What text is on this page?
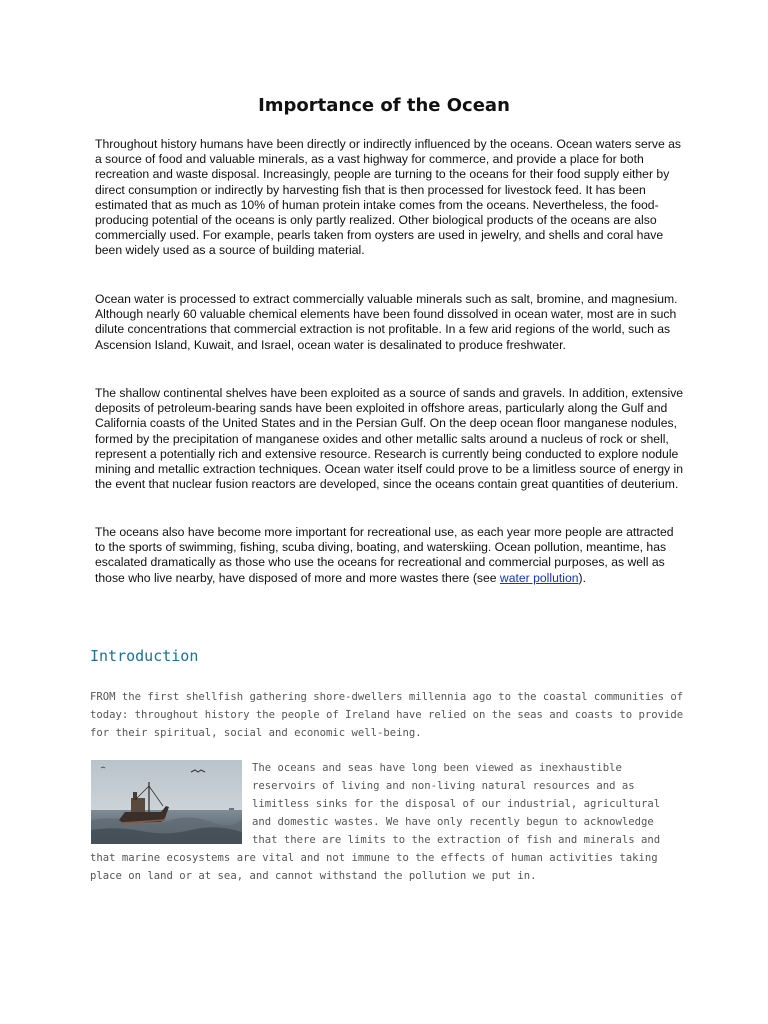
Importance of the Ocean

Throughout history humans have been directly or indirectly influenced by the oceans. Ocean waters serve as a source of food and valuable minerals, as a vast highway for commerce, and provide a place for both recreation and waste disposal. Increasingly, people are turning to the oceans for their food supply either by direct consumption or indirectly by harvesting fish that is then processed for livestock feed. It has been estimated that as much as 10% of human protein intake comes from the oceans. Nevertheless, the food-producing potential of the oceans is only partly realized. Other biological products of the oceans are also commercially used. For example, pearls taken from oysters are used in jewelry, and shells and coral have been widely used as a source of building material.

Ocean water is processed to extract commercially valuable minerals such as salt, bromine, and magnesium. Although nearly 60 valuable chemical elements have been found dissolved in ocean water, most are in such dilute concentrations that commercial extraction is not profitable. In a few arid regions of the world, such as Ascension Island, Kuwait, and Israel, ocean water is desalinated to produce freshwater.

The shallow continental shelves have been exploited as a source of sands and gravels. In addition, extensive deposits of petroleum-bearing sands have been exploited in offshore areas, particularly along the Gulf and California coasts of the United States and in the Persian Gulf. On the deep ocean floor manganese nodules, formed by the precipitation of manganese oxides and other metallic salts around a nucleus of rock or shell, represent a potentially rich and extensive resource. Research is currently being conducted to explore nodule mining and metallic extraction techniques. Ocean water itself could prove to be a limitless source of energy in the event that nuclear fusion reactors are developed, since the oceans contain great quantities of deuterium.

The oceans also have become more important for recreational use, as each year more people are attracted to the sports of swimming, fishing, scuba diving, boating, and waterskiing. Ocean pollution, meantime, has escalated dramatically as those who use the oceans for recreational and commercial purposes, as well as those who live nearby, have disposed of more and more wastes there (see water pollution).

Introduction

FROM the first shellfish gathering shore-dwellers millennia ago to the coastal communities of today: throughout history the people of Ireland have relied on the seas and coasts to provide for their spiritual, social and economic well-being.

The oceans and seas have long been viewed as inexhaustible reservoirs of living and non-living natural resources and as limitless sinks for the disposal of our industrial, agricultural and domestic wastes. We have only recently begun to acknowledge that there are limits to the extraction of fish and minerals and that marine ecosystems are vital and not immune to the effects of human activities taking place on land or at sea, and cannot withstand the pollution we put in.
